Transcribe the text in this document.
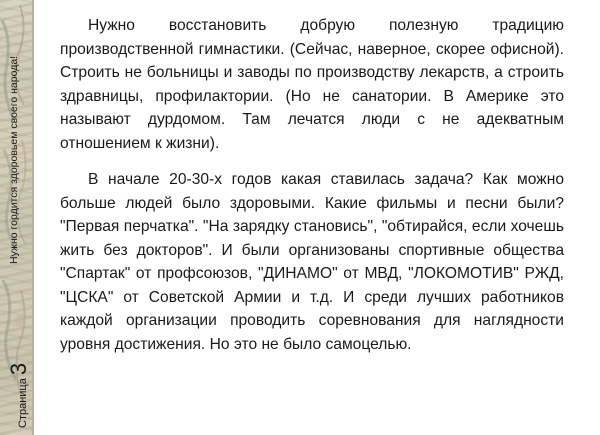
Нужно гордится здоровьем своего народа!
Страница
3

Нужно восстановить добрую полезную традицию производственной гимнастики. (Сейчас, наверное, скорее офисной). Строить не больницы и заводы по производству лекарств, а строить здравницы, профилактории. (Но не санатории. В Америке это называют дурдомом. Там лечатся люди с не адекватным отношением к жизни).

В начале 20-30-х годов какая ставилась задача? Как можно больше людей было здоровыми. Какие фильмы и песни были? "Первая перчатка". "На зарядку становись", "обтирайся, если хочешь жить без докторов". И были организованы спортивные общества "Спартак" от профсоюзов, "ДИНАМО" от МВД, "ЛОКОМОТИВ" РЖД, "ЦСКА" от Советской Армии и т.д. И среди лучших работников каждой организации проводить соревнования для наглядности уровня достижения. Но это не было самоцелью.
